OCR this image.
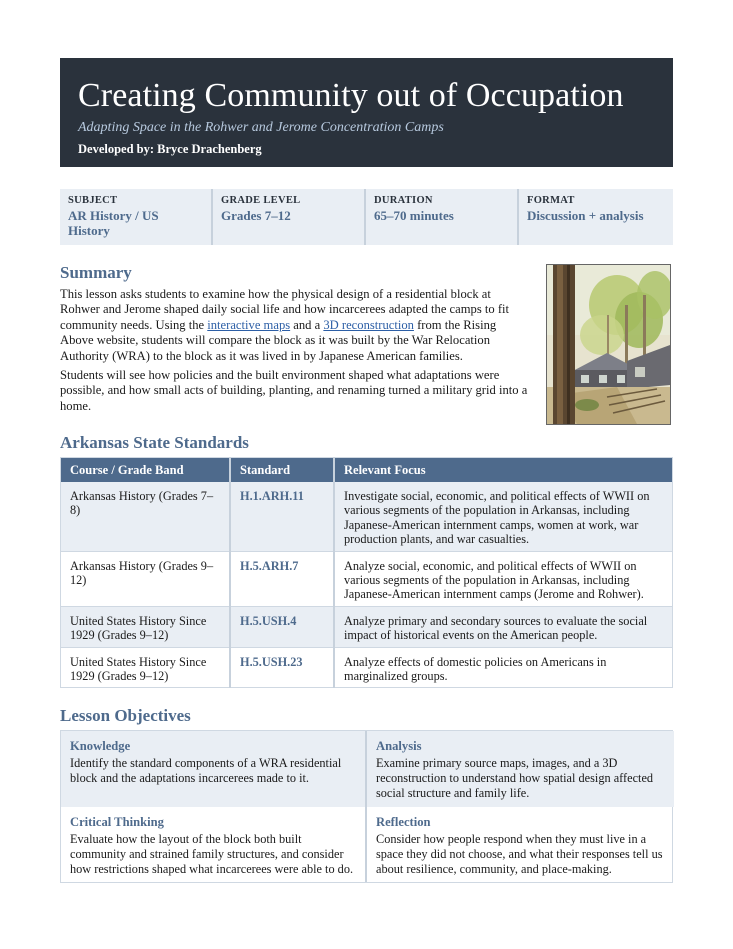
Creating Community out of Occupation
Adapting Space in the Rohwer and Jerome Concentration Camps
Developed by: Bryce Drachenberg
SUBJECT
AR History / US History
GRADE LEVEL
Grades 7–12
DURATION
65–70 minutes
FORMAT
Discussion + analysis
Summary

This lesson asks students to examine how the physical design of a residential block at Rohwer and Jerome shaped daily social life and how incarcerees adapted the camps to fit community needs. Using the interactive maps and a 3D reconstruction from the Rising Above website, students will compare the block as it was built by the War Relocation Authority (WRA) to the block as it was lived in by Japanese American families.

Students will see how policies and the built environment shaped what adaptations were possible, and how small acts of building, planting, and renaming turned a military grid into a home.

Arkansas State Standards
Course / Grade Band	Standard	Relevant Focus
Arkansas History (Grades 7–8)	H.1.ARH.11	Investigate social, economic, and political effects of WWII on various segments of the population in Arkansas, including Japanese-American internment camps, women at work, war production plants, and war casualties.
Arkansas History (Grades 9–12)	H.5.ARH.7	Analyze social, economic, and political effects of WWII on various segments of the population in Arkansas, including Japanese-American internment camps (Jerome and Rohwer).
United States History Since 1929 (Grades 9–12)	H.5.USH.4	Analyze primary and secondary sources to evaluate the social impact of historical events on the American people.
United States History Since 1929 (Grades 9–12)	H.5.USH.23	Analyze effects of domestic policies on Americans in marginalized groups.
Lesson Objectives
Knowledge
Identify the standard components of a WRA residential block and the adaptations incarcerees made to it.
Analysis
Examine primary source maps, images, and a 3D reconstruction to understand how spatial design affected social structure and family life.
Critical Thinking
Evaluate how the layout of the block both built community and strained family structures, and consider how restrictions shaped what incarcerees were able to do.
Reflection
Consider how people respond when they must live in a space they did not choose, and what their responses tell us about resilience, community, and place-making.
